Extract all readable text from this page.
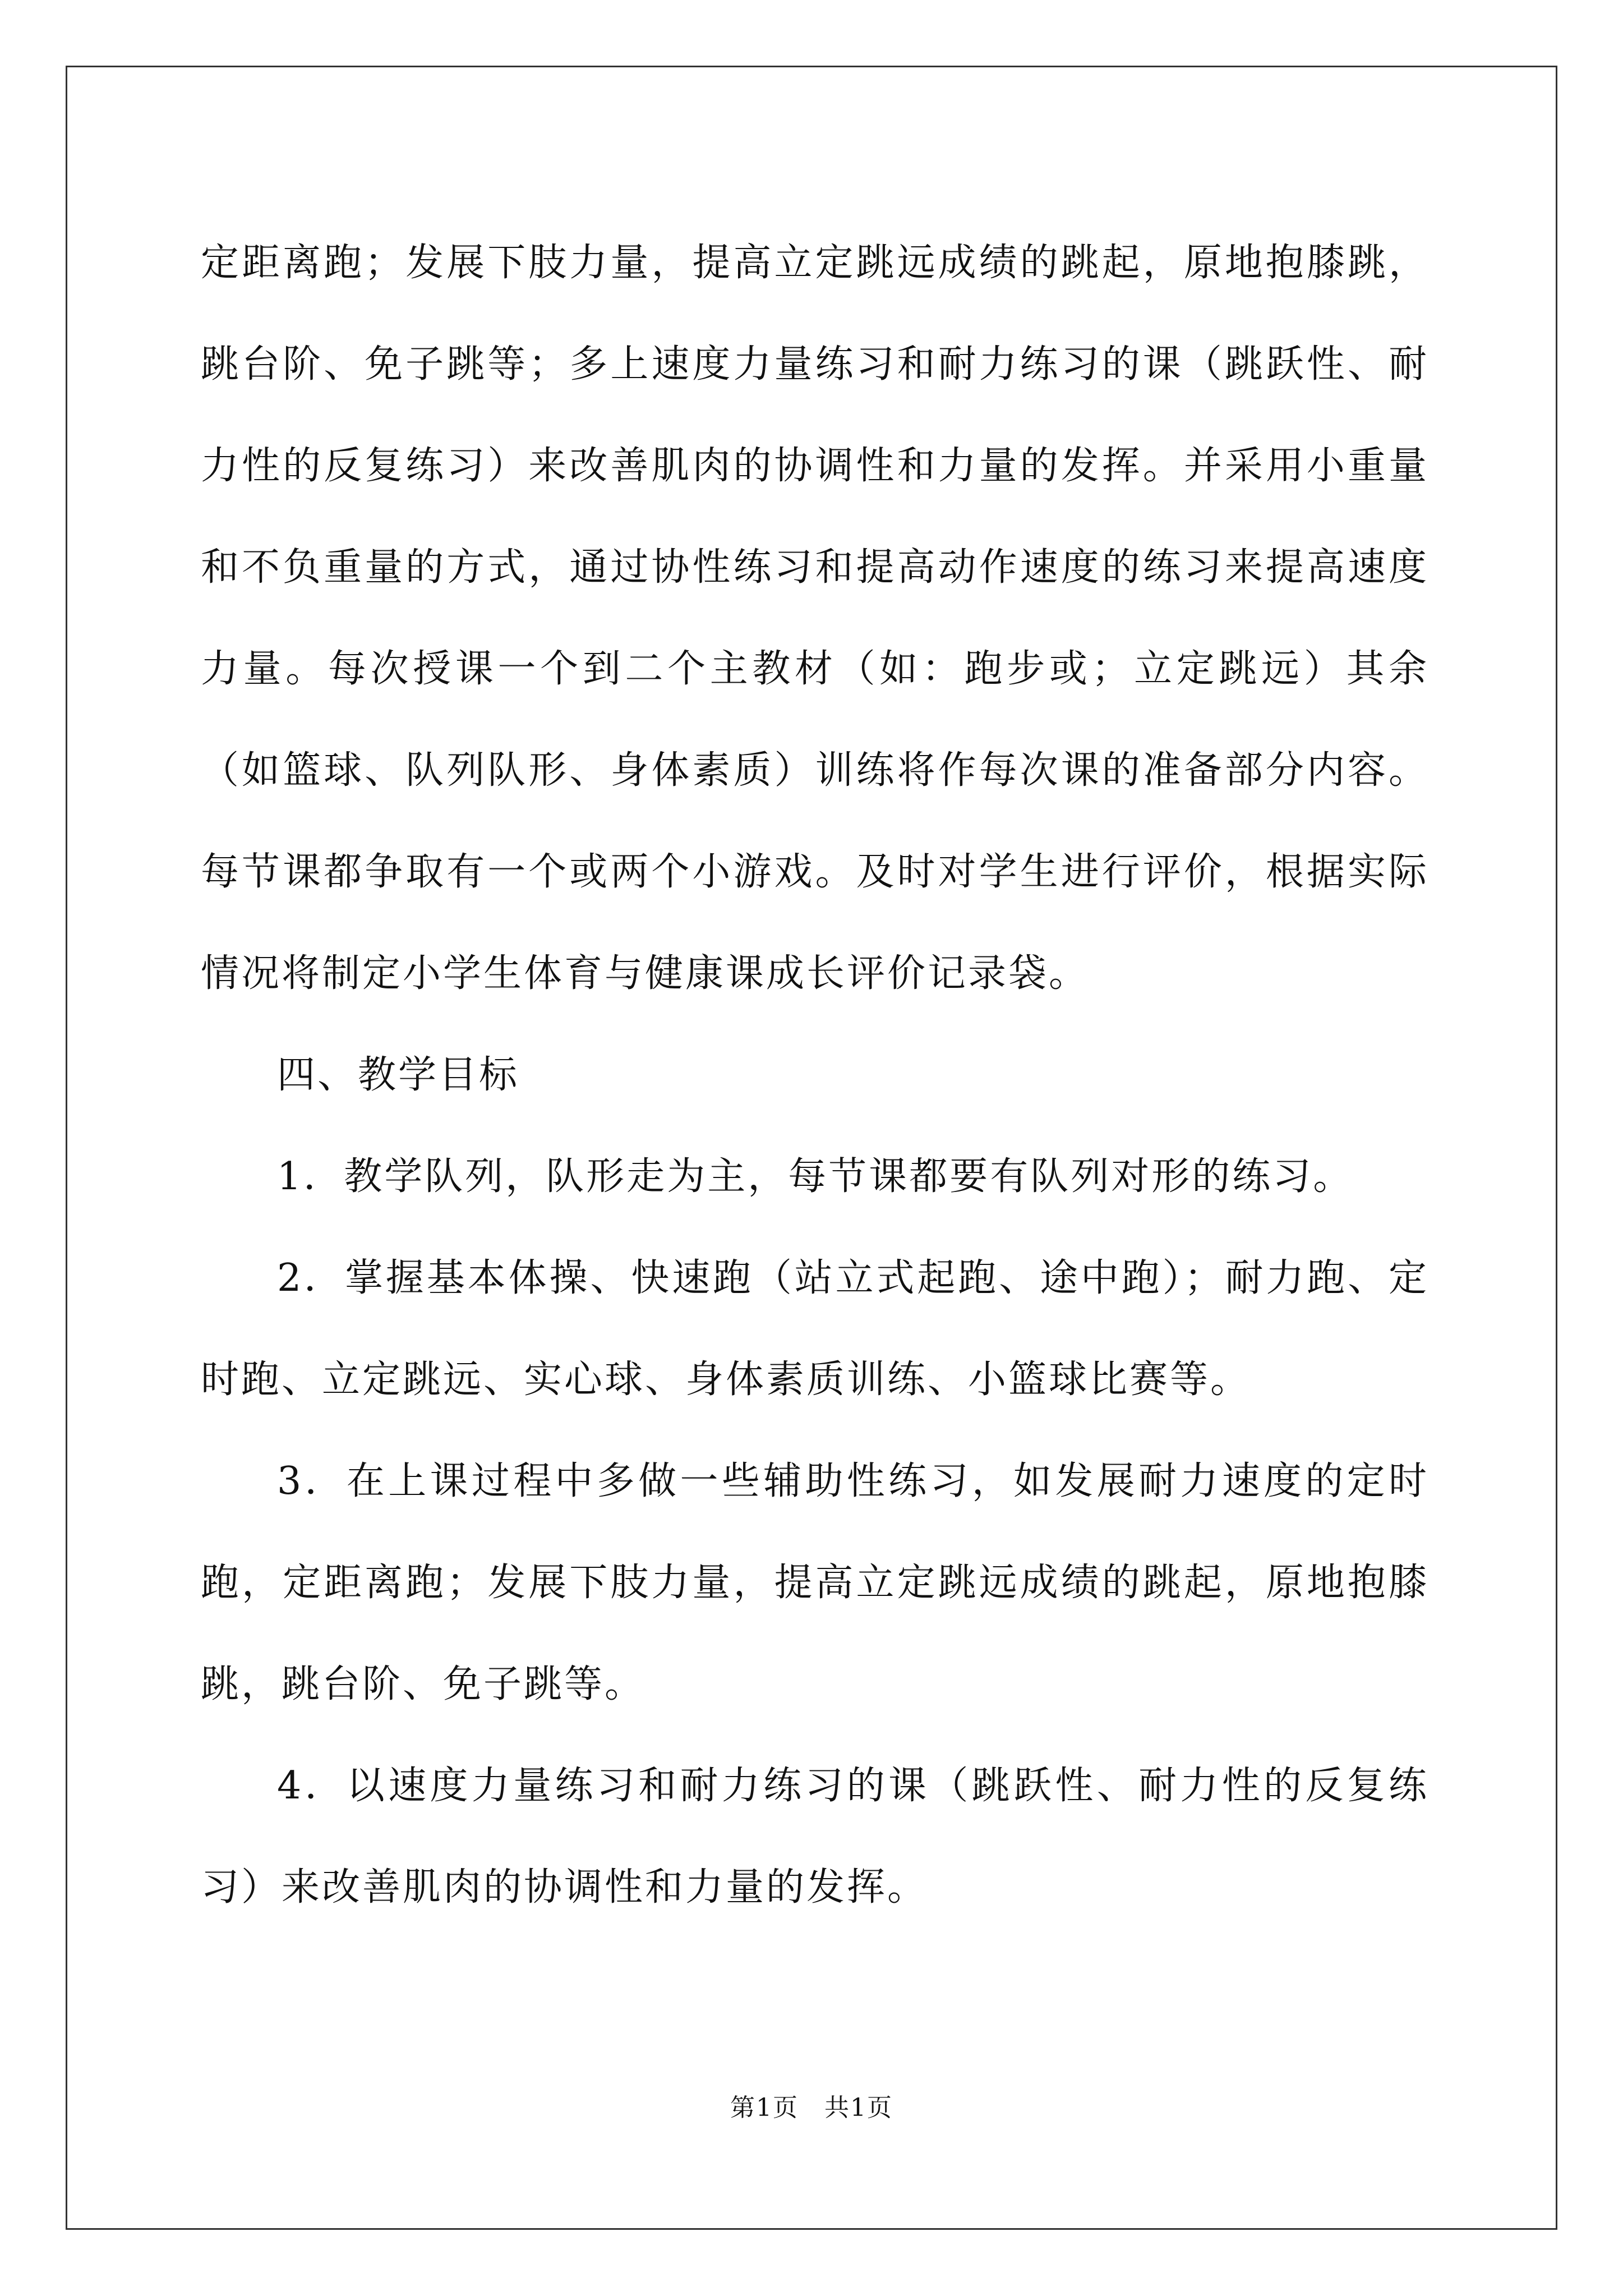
定距离跑；发展下肢力量，提高立定跳远成绩的跳起，原地抱膝跳，跳台阶、免子跳等；多上速度力量练习和耐力练习的课（跳跃性、耐力性的反复练习）来改善肌肉的协调性和力量的发挥。并采用小重量和不负重量的方式，通过协性练习和提高动作速度的练习来提高速度力量。每次授课一个到二个主教材（如：跑步或；立定跳远）其余（如篮球、队列队形、身体素质）训练将作每次课的准备部分内容。每节课都争取有一个或两个小游戏。及时对学生进行评价，根据实际情况将制定小学生体育与健康课成长评价记录袋。

四、教学目标

1．教学队列，队形走为主，每节课都要有队列对形的练习。

2．掌握基本体操、快速跑（站立式起跑、途中跑）；耐力跑、定时跑、立定跳远、实心球、身体素质训练、小篮球比赛等。

3．在上课过程中多做一些辅助性练习，如发展耐力速度的定时跑，定距离跑；发展下肢力量，提高立定跳远成绩的跳起，原地抱膝跳，跳台阶、免子跳等。

4．以速度力量练习和耐力练习的课（跳跃性、耐力性的反复练习）来改善肌肉的协调性和力量的发挥。

第1页　共1页
